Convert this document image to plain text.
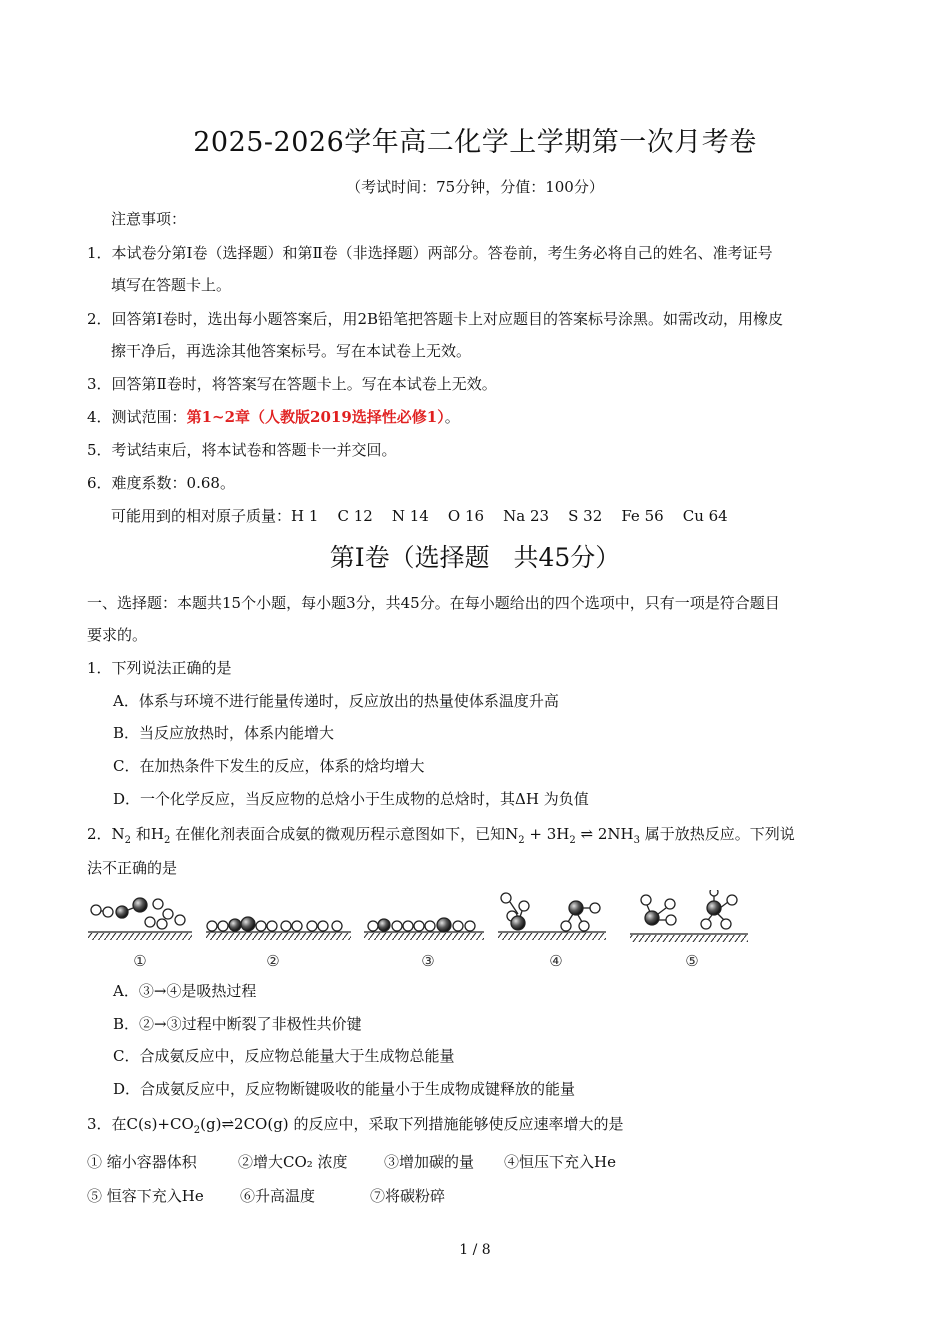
2025-2026学年高二化学上学期第一次月考卷
（考试时间：75分钟，分值：100分）
注意事项：
1．本试卷分第Ⅰ卷（选择题）和第Ⅱ卷（非选择题）两部分。答卷前，考生务必将自己的姓名、准考证号
填写在答题卡上。
2．回答第Ⅰ卷时，选出每小题答案后，用2B铅笔把答题卡上对应题目的答案标号涂黑。如需改动，用橡皮
擦干净后，再选涂其他答案标号。写在本试卷上无效。
3．回答第Ⅱ卷时，将答案写在答题卡上。写在本试卷上无效。
4．测试范围：第1~2章（人教版2019选择性必修1）。
5．考试结束后，将本试卷和答题卡一并交回。
6．难度系数：0.68。
可能用到的相对原子质量：H 1    C 12    N 14    O 16    Na 23    S 32    Fe 56    Cu 64
第Ⅰ卷（选择题   共45分）
一、选择题：本题共15个小题，每小题3分，共45分。在每小题给出的四个选项中，只有一项是符合题目
要求的。
1．下列说法正确的是
A．体系与环境不进行能量传递时，反应放出的热量使体系温度升高
B．当反应放热时，体系内能增大
C．在加热条件下发生的反应，体系的焓均增大
D．一个化学反应，当反应物的总焓小于生成物的总焓时，其ΔH 为负值
2．$N_2$ 和$H_2$ 在催化剂表面合成氨的微观历程示意图如下，已知$N_2 + 3H_2$ ⇌ $2NH_3$ 属于放热反应。下列说
法不正确的是
①	②	③	④	⑤
A．③→④是吸热过程
B．②→③过程中断裂了非极性共价键
C．合成氨反应中，反应物总能量大于生成物总能量
D．合成氨反应中，反应物断键吸收的能量小于生成物成键释放的能量
3．在$C(s)+CO_2(g)\rightleftharpoons 2CO(g)$ 的反应中，采取下列措施能够使反应速率增大的是
① 缩小容器体积	②增大CO₂ 浓度 ③增加碳的量 ④恒压下充入He
⑤ 恒容下充入He ⑥升高温度	⑦将碳粉碎
1 / 8
